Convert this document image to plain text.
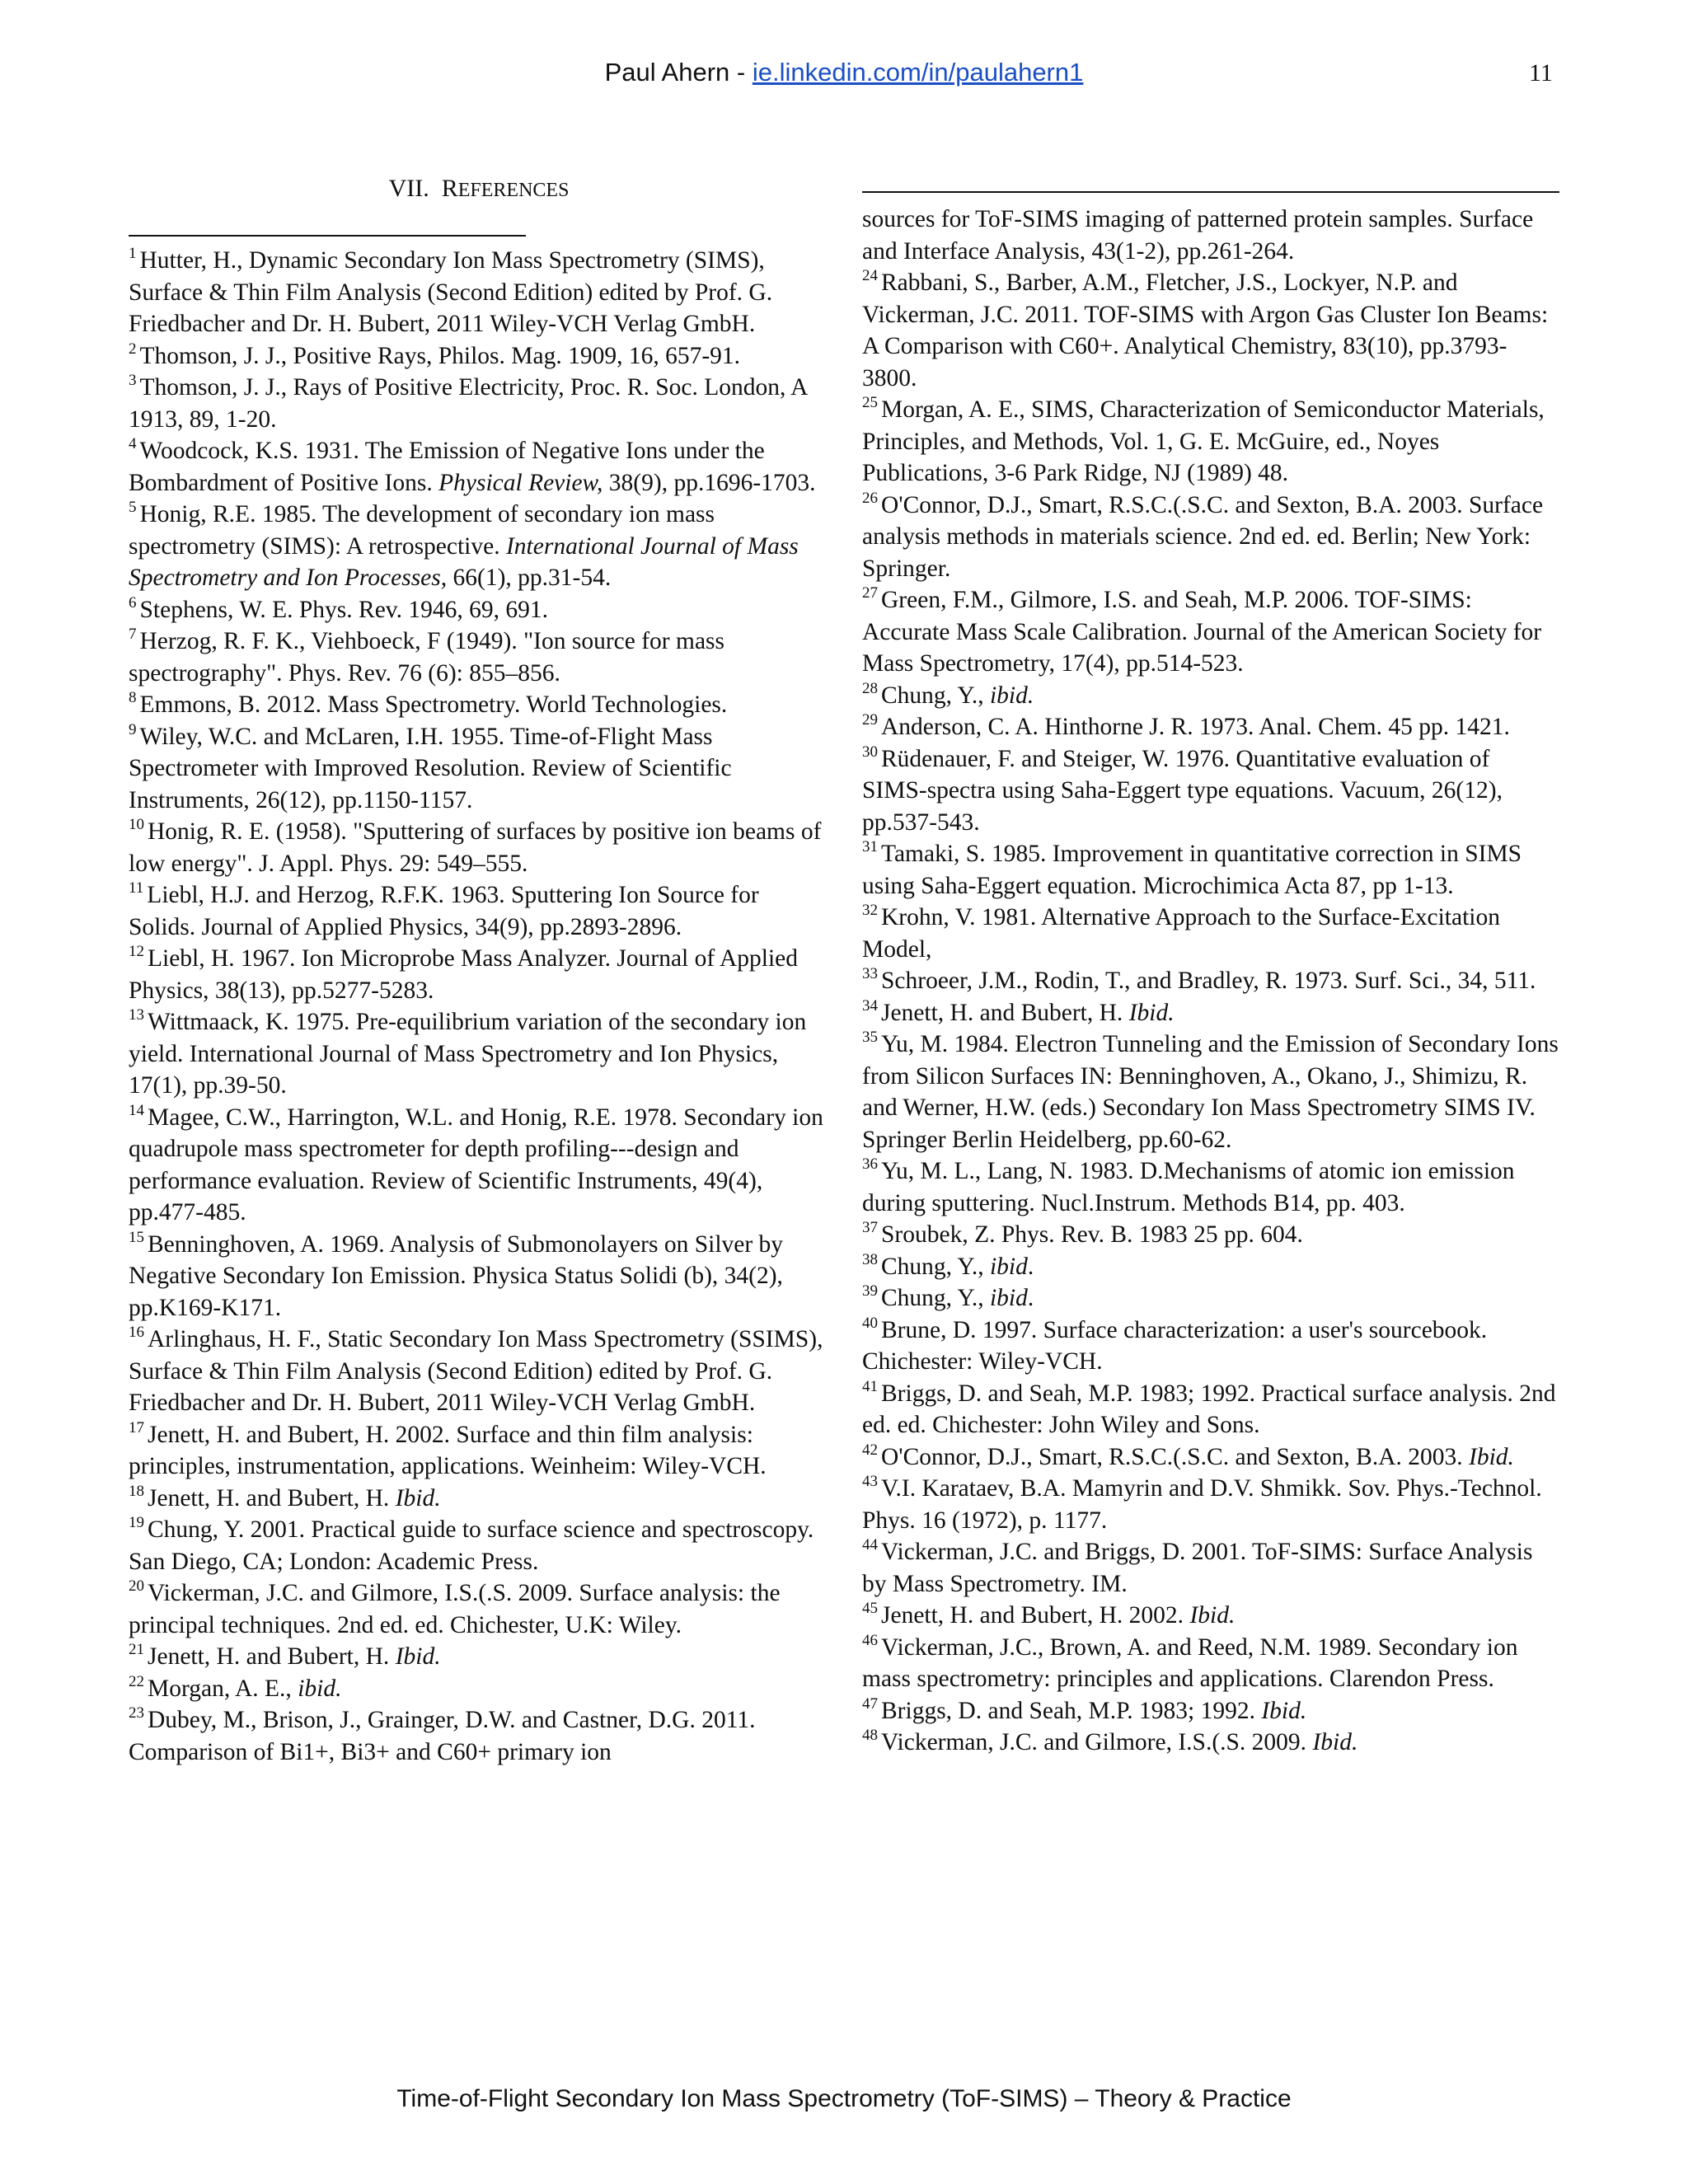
Paul Ahern - ie.linkedin.com/in/paulahern1	11
VII. REFERENCES

$^1$ Hutter, H., Dynamic Secondary Ion Mass Spectrometry (SIMS), Surface & Thin Film Analysis (Second Edition) edited by Prof. G. Friedbacher and Dr. H. Bubert, 2011 Wiley-VCH Verlag GmbH.

$^2$ Thomson, J. J., Positive Rays, Philos. Mag. 1909, 16, 657-91.

$^3$ Thomson, J. J., Rays of Positive Electricity, Proc. R. Soc. London, A 1913, 89, 1-20.

$^4$ Woodcock, K.S. 1931. The Emission of Negative Ions under the Bombardment of Positive Ions. Physical Review, 38(9), pp.1696-1703.

$^5$ Honig, R.E. 1985. The development of secondary ion mass spectrometry (SIMS): A retrospective. International Journal of Mass Spectrometry and Ion Processes, 66(1), pp.31-54.

$^6$ Stephens, W. E. Phys. Rev. 1946, 69, 691.

$^7$ Herzog, R. F. K., Viehboeck, F (1949). "Ion source for mass spectrography". Phys. Rev. 76 (6): 855–856.

$^8$ Emmons, B. 2012. Mass Spectrometry. World Technologies.

$^9$ Wiley, W.C. and McLaren, I.H. 1955. Time-of-Flight Mass Spectrometer with Improved Resolution. Review of Scientific Instruments, 26(12), pp.1150-1157.

$^{10}$ Honig, R. E. (1958). "Sputtering of surfaces by positive ion beams of low energy". J. Appl. Phys. 29: 549–555.

$^{11}$ Liebl, H.J. and Herzog, R.F.K. 1963. Sputtering Ion Source for Solids. Journal of Applied Physics, 34(9), pp.2893-2896.

$^{12}$ Liebl, H. 1967. Ion Microprobe Mass Analyzer. Journal of Applied Physics, 38(13), pp.5277-5283.

$^{13}$ Wittmaack, K. 1975. Pre-equilibrium variation of the secondary ion yield. International Journal of Mass Spectrometry and Ion Physics, 17(1), pp.39-50.

$^{14}$ Magee, C.W., Harrington, W.L. and Honig, R.E. 1978. Secondary ion quadrupole mass spectrometer for depth profiling---design and performance evaluation. Review of Scientific Instruments, 49(4), pp.477-485.

$^{15}$ Benninghoven, A. 1969. Analysis of Submonolayers on Silver by Negative Secondary Ion Emission. Physica Status Solidi (b), 34(2), pp.K169-K171.

$^{16}$ Arlinghaus, H. F., Static Secondary Ion Mass Spectrometry (SSIMS), Surface & Thin Film Analysis (Second Edition) edited by Prof. G. Friedbacher and Dr. H. Bubert, 2011 Wiley-VCH Verlag GmbH.

$^{17}$ Jenett, H. and Bubert, H. 2002. Surface and thin film analysis: principles, instrumentation, applications. Weinheim: Wiley-VCH.

$^{18}$ Jenett, H. and Bubert, H. Ibid.

$^{19}$ Chung, Y. 2001. Practical guide to surface science and spectroscopy. San Diego, CA; London: Academic Press.

$^{20}$ Vickerman, J.C. and Gilmore, I.S.(.S. 2009. Surface analysis: the principal techniques. 2nd ed. ed. Chichester, U.K: Wiley.

$^{21}$ Jenett, H. and Bubert, H. Ibid.

$^{22}$ Morgan, A. E., ibid.

$^{23}$ Dubey, M., Brison, J., Grainger, D.W. and Castner, D.G. 2011. Comparison of Bi1+, Bi3+ and C60+ primary ion

sources for ToF-SIMS imaging of patterned protein samples. Surface and Interface Analysis, 43(1-2), pp.261-264.

$^{24}$ Rabbani, S., Barber, A.M., Fletcher, J.S., Lockyer, N.P. and Vickerman, J.C. 2011. TOF-SIMS with Argon Gas Cluster Ion Beams: A Comparison with C60+. Analytical Chemistry, 83(10), pp.3793-3800.

$^{25}$ Morgan, A. E., SIMS, Characterization of Semiconductor Materials, Principles, and Methods, Vol. 1, G. E. McGuire, ed., Noyes Publications, 3-6 Park Ridge, NJ (1989) 48.

$^{26}$ O'Connor, D.J., Smart, R.S.C.(.S.C. and Sexton, B.A. 2003. Surface analysis methods in materials science. 2nd ed. ed. Berlin; New York: Springer.

$^{27}$ Green, F.M., Gilmore, I.S. and Seah, M.P. 2006. TOF-SIMS: Accurate Mass Scale Calibration. Journal of the American Society for Mass Spectrometry, 17(4), pp.514-523.

$^{28}$ Chung, Y., ibid.

$^{29}$ Anderson, C. A. Hinthorne J. R. 1973. Anal. Chem. 45 pp. 1421.

$^{30}$ Rüdenauer, F. and Steiger, W. 1976. Quantitative evaluation of SIMS-spectra using Saha-Eggert type equations. Vacuum, 26(12), pp.537-543.

$^{31}$ Tamaki, S. 1985. Improvement in quantitative correction in SIMS using Saha-Eggert equation. Microchimica Acta 87, pp 1-13.

$^{32}$ Krohn, V. 1981. Alternative Approach to the Surface-Excitation Model,

$^{33}$ Schroeer, J.M., Rodin, T., and Bradley, R. 1973. Surf. Sci., 34, 511.

$^{34}$ Jenett, H. and Bubert, H. Ibid.

$^{35}$ Yu, M. 1984. Electron Tunneling and the Emission of Secondary Ions from Silicon Surfaces IN: Benninghoven, A., Okano, J., Shimizu, R. and Werner, H.W. (eds.) Secondary Ion Mass Spectrometry SIMS IV. Springer Berlin Heidelberg, pp.60-62.

$^{36}$ Yu, M. L., Lang, N. 1983. D.Mechanisms of atomic ion emission during sputtering. Nucl.Instrum. Methods B14, pp. 403.

$^{37}$ Sroubek, Z. Phys. Rev. B. 1983 25 pp. 604.

$^{38}$ Chung, Y., ibid.

$^{39}$ Chung, Y., ibid.

$^{40}$ Brune, D. 1997. Surface characterization: a user's sourcebook. Chichester: Wiley-VCH.

$^{41}$ Briggs, D. and Seah, M.P. 1983; 1992. Practical surface analysis. 2nd ed. ed. Chichester: John Wiley and Sons.

$^{42}$ O'Connor, D.J., Smart, R.S.C.(.S.C. and Sexton, B.A. 2003. Ibid.

$^{43}$ V.I. Karataev, B.A. Mamyrin and D.V. Shmikk. Sov. Phys.-Technol. Phys. 16 (1972), p. 1177.

$^{44}$ Vickerman, J.C. and Briggs, D. 2001. ToF-SIMS: Surface Analysis by Mass Spectrometry. IM.

$^{45}$ Jenett, H. and Bubert, H. 2002. Ibid.

$^{46}$ Vickerman, J.C., Brown, A. and Reed, N.M. 1989. Secondary ion mass spectrometry: principles and applications. Clarendon Press.

$^{47}$ Briggs, D. and Seah, M.P. 1983; 1992. Ibid.

$^{48}$ Vickerman, J.C. and Gilmore, I.S.(.S. 2009. Ibid.

Time-of-Flight Secondary Ion Mass Spectrometry (ToF-SIMS) – Theory & Practice
